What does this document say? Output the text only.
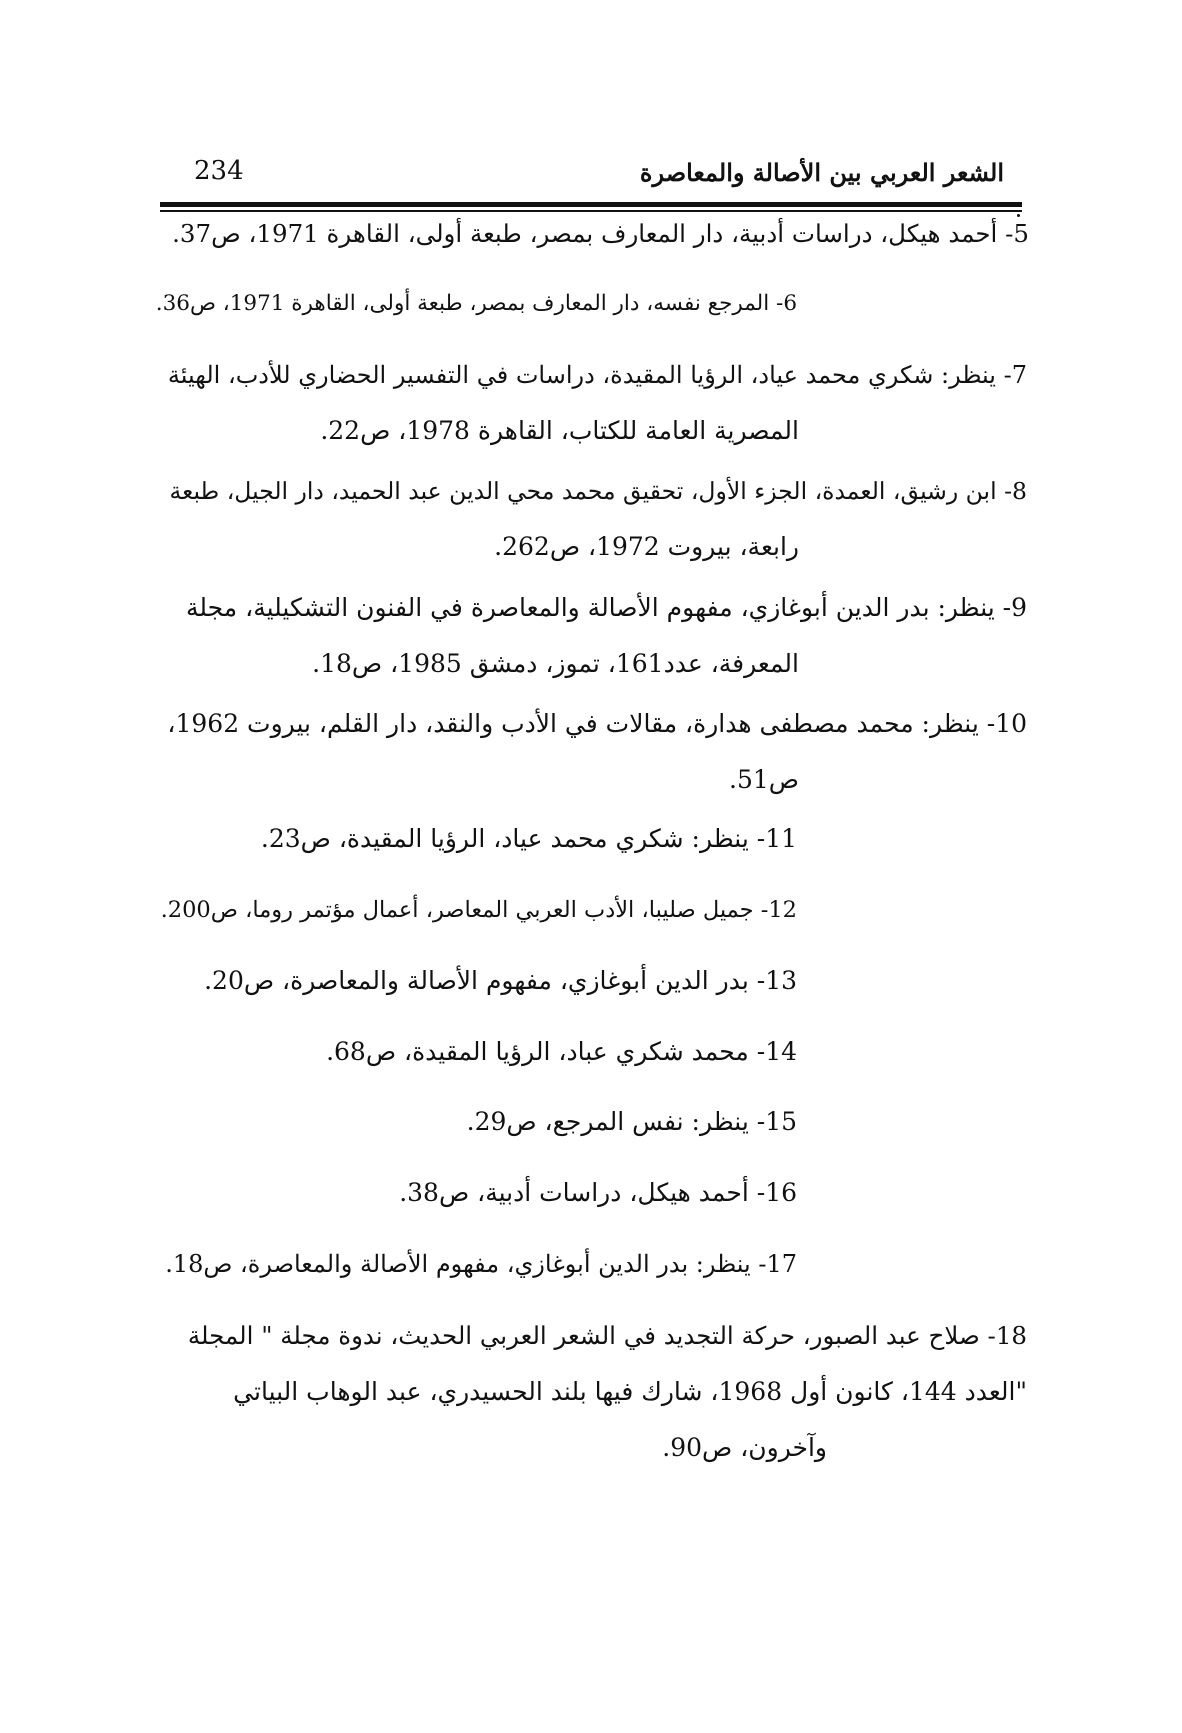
الشعر العربي بين الأصالة والمعاصرة
234
5- أحمد هيكل، دراسات أدبية، دار المعارف بمصر، طبعة أولى، القاهرة 1971، ص37.
6- المرجع نفسه، دار المعارف بمصر، طبعة أولى، القاهرة 1971، ص36.
7- ينظر: شكري محمد عياد، الرؤيا المقيدة، دراسات في التفسير الحضاري للأدب، الهيئة
المصرية العامة للكتاب، القاهرة 1978، ص22.
8- ابن رشيق، العمدة، الجزء الأول، تحقيق محمد محي الدين عبد الحميد، دار الجيل، طبعة
رابعة، بيروت 1972، ص262.
9- ينظر: بدر الدين أبوغازي، مفهوم الأصالة والمعاصرة في الفنون التشكيلية، مجلة
المعرفة، عدد161، تموز، دمشق 1985، ص18.
10- ينظر: محمد مصطفى هدارة، مقالات في الأدب والنقد، دار القلم، بيروت 1962،
ص51.
11- ينظر: شكري محمد عياد، الرؤيا المقيدة، ص23.
12- جميل صليبا، الأدب العربي المعاصر، أعمال مؤتمر روما، ص200.
13- بدر الدين أبوغازي، مفهوم الأصالة والمعاصرة، ص20.
14- محمد شكري عباد، الرؤيا المقيدة، ص68.
15- ينظر: نفس المرجع، ص29.
16- أحمد هيكل، دراسات أدبية، ص38.
17- ينظر: بدر الدين أبوغازي، مفهوم الأصالة والمعاصرة، ص18.
18- صلاح عبد الصبور، حركة التجديد في الشعر العربي الحديث، ندوة مجلة " المجلة
"العدد 144، كانون أول 1968، شارك فيها بلند الحسيدري، عبد الوهاب البياتي
وآخرون، ص90.
